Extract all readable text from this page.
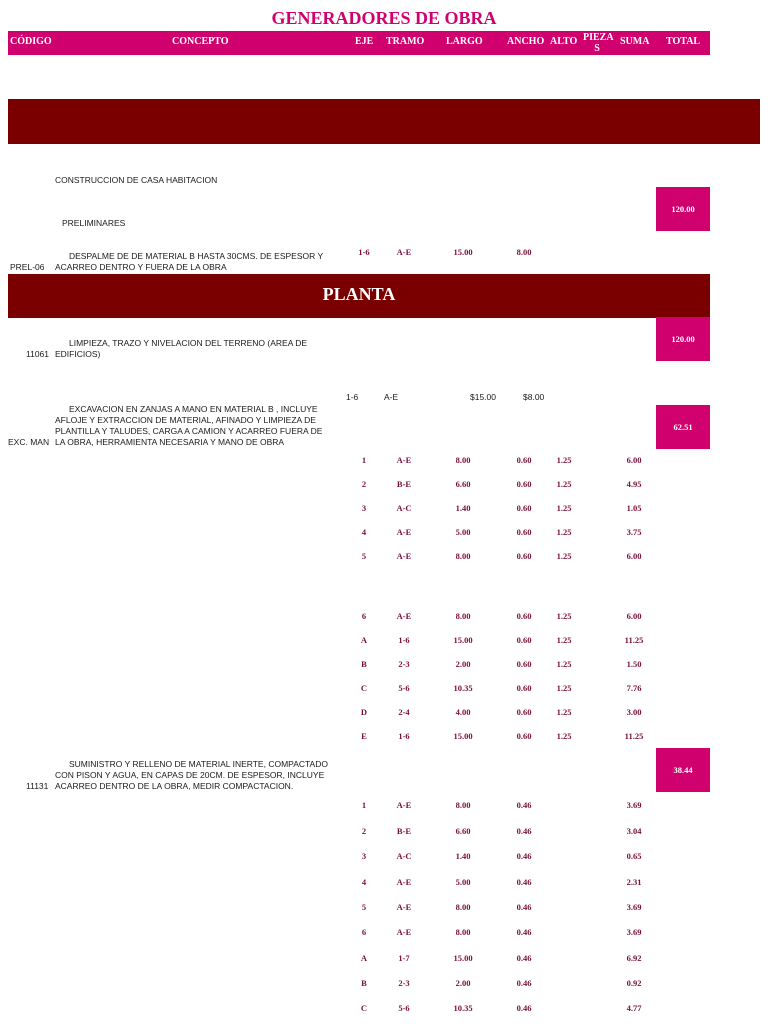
GENERADORES DE OBRA
CÓDIGO	CONCEPTO	EJE TRAMO LARGO ANCHO ALTO PIEZA
S
SUMA TOTAL
CONSTRUCCION DE CASA HABITACION
PRELIMINARES
120.00
DESPALME DE DE MATERIAL B HASTA 30CMS. DE ESPESOR Y
PREL-06 ACARREO DENTRO Y FUERA DE LA OBRA
1-6	A-E	15.00	8.00
PLANTA
LIMPIEZA, TRAZO Y NIVELACION DEL TERRENO (AREA DE
11061 EDIFICIOS)
120.00
1-6	A-E	$15.00	$8.00
EXCAVACION EN ZANJAS A MANO EN MATERIAL B , INCLUYE
AFLOJE Y EXTRACCION DE MATERIAL, AFINADO Y LIMPIEZA DE
PLANTILLA Y TALUDES, CARGA A CAMION Y ACARREO FUERA DE
EXC. MAN LA OBRA, HERRAMIENTA NECESARIA Y MANO DE OBRA
62.51
1	A-E	8.00	0.60	1.25	6.00
2	B-E	6.60	0.60	1.25	4.95
3	A-C	1.40	0.60	1.25	1.05
4	A-E	5.00	0.60	1.25	3.75
5	A-E	8.00	0.60	1.25	6.00
6	A-E	8.00	0.60	1.25	6.00
A	1-6	15.00	0.60	1.25	11.25
B	2-3	2.00	0.60	1.25	1.50
C	5-6	10.35	0.60	1.25	7.76
D	2-4	4.00	0.60	1.25	3.00
E	1-6	15.00	0.60	1.25	11.25
SUMINISTRO Y RELLENO DE MATERIAL INERTE, COMPACTADO
CON PISON Y AGUA, EN CAPAS DE 20CM. DE ESPESOR, INCLUYE
11131 ACARREO DENTRO DE LA OBRA, MEDIR COMPACTACION.
38.44
1	A-E	8.00	0.46	3.69
2	B-E	6.60	0.46	3.04
3	A-C	1.40	0.46	0.65
4	A-E	5.00	0.46	2.31
5	A-E	8.00	0.46	3.69
6	A-E	8.00	0.46	3.69
A	1-7	15.00	0.46	6.92
B	2-3	2.00	0.46	0.92
C	5-6	10.35	0.46	4.77
